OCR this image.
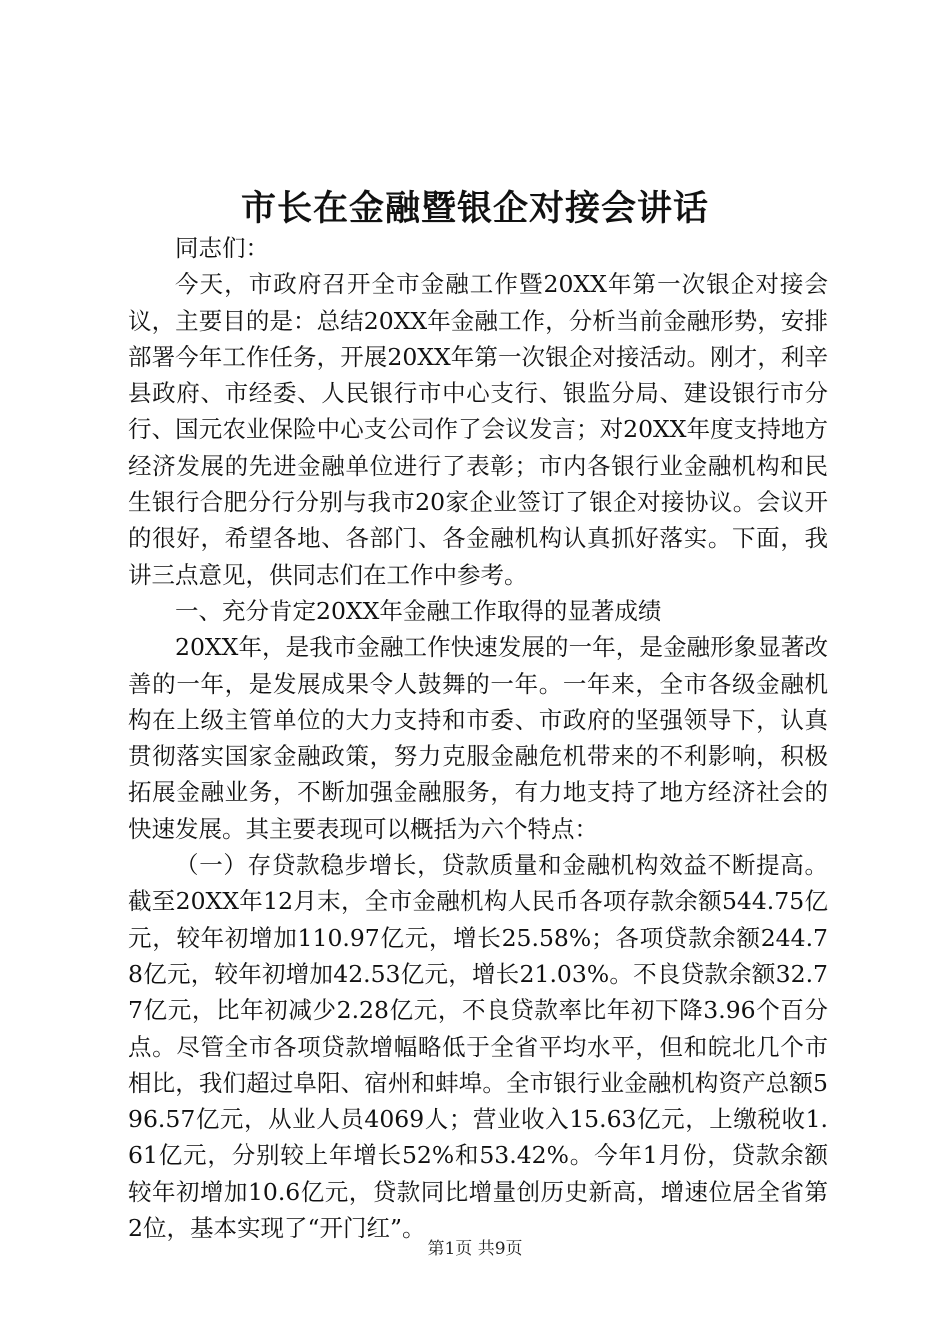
市长在金融暨银企对接会讲话

同志们：

今天，市政府召开全市金融工作暨20XX年第一次银企对接会议，主要目的是：总结20XX年金融工作，分析当前金融形势，安排部署今年工作任务，开展20XX年第一次银企对接活动。刚才，利辛县政府、市经委、人民银行市中心支行、银监分局、建设银行市分行、国元农业保险中心支公司作了会议发言；对20XX年度支持地方经济发展的先进金融单位进行了表彰；市内各银行业金融机构和民生银行合肥分行分别与我市20家企业签订了银企对接协议。会议开的很好，希望各地、各部门、各金融机构认真抓好落实。下面，我讲三点意见，供同志们在工作中参考。

一、充分肯定20XX年金融工作取得的显著成绩

20XX年，是我市金融工作快速发展的一年，是金融形象显著改善的一年，是发展成果令人鼓舞的一年。一年来，全市各级金融机构在上级主管单位的大力支持和市委、市政府的坚强领导下，认真贯彻落实国家金融政策，努力克服金融危机带来的不利影响，积极拓展金融业务，不断加强金融服务，有力地支持了地方经济社会的快速发展。其主要表现可以概括为六个特点：

（一）存贷款稳步增长，贷款质量和金融机构效益不断提高。截至20XX年12月末，全市金融机构人民币各项存款余额544.75亿元，较年初增加110.97亿元，增长25.58%；各项贷款余额244.78亿元，较年初增加42.53亿元，增长21.03%。不良贷款余额32.77亿元，比年初减少2.28亿元，不良贷款率比年初下降3.96个百分点。尽管全市各项贷款增幅略低于全省平均水平，但和皖北几个市相比，我们超过阜阳、宿州和蚌埠。全市银行业金融机构资产总额596.57亿元，从业人员4069人；营业收入15.63亿元，上缴税收1.61亿元，分别较上年增长52%和53.42%。今年1月份，贷款余额较年初增加10.6亿元，贷款同比增量创历史新高，增速位居全省第2位，基本实现了“开门红”。

第1页 共9页
